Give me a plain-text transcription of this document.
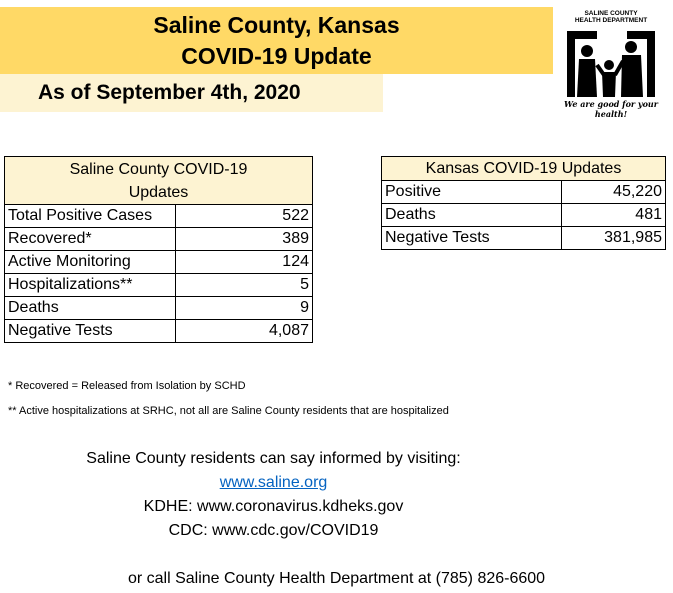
Saline County, Kansas
COVID-19 Update
As of September 4th, 2020
SALINE COUNTY
HEALTH DEPARTMENT
We are good for your health!
Saline County COVID-19
Updates	

Total Positive Cases	522
Recovered*	389
Active Monitoring	124
Hospitalizations**	5
Deaths	9
Negative Tests	4,087
Kansas COVID-19 Updates	
Positive	45,220
Deaths	481
Negative Tests	381,985
* Recovered = Released from Isolation by SCHD
** Active hospitalizations at SRHC, not all are Saline County residents that are hospitalized
Saline County residents can say informed by visiting:
www.saline.org
KDHE: www.coronavirus.kdheks.gov
CDC: www.cdc.gov/COVID19
or call Saline County Health Department at (785) 826-6600
